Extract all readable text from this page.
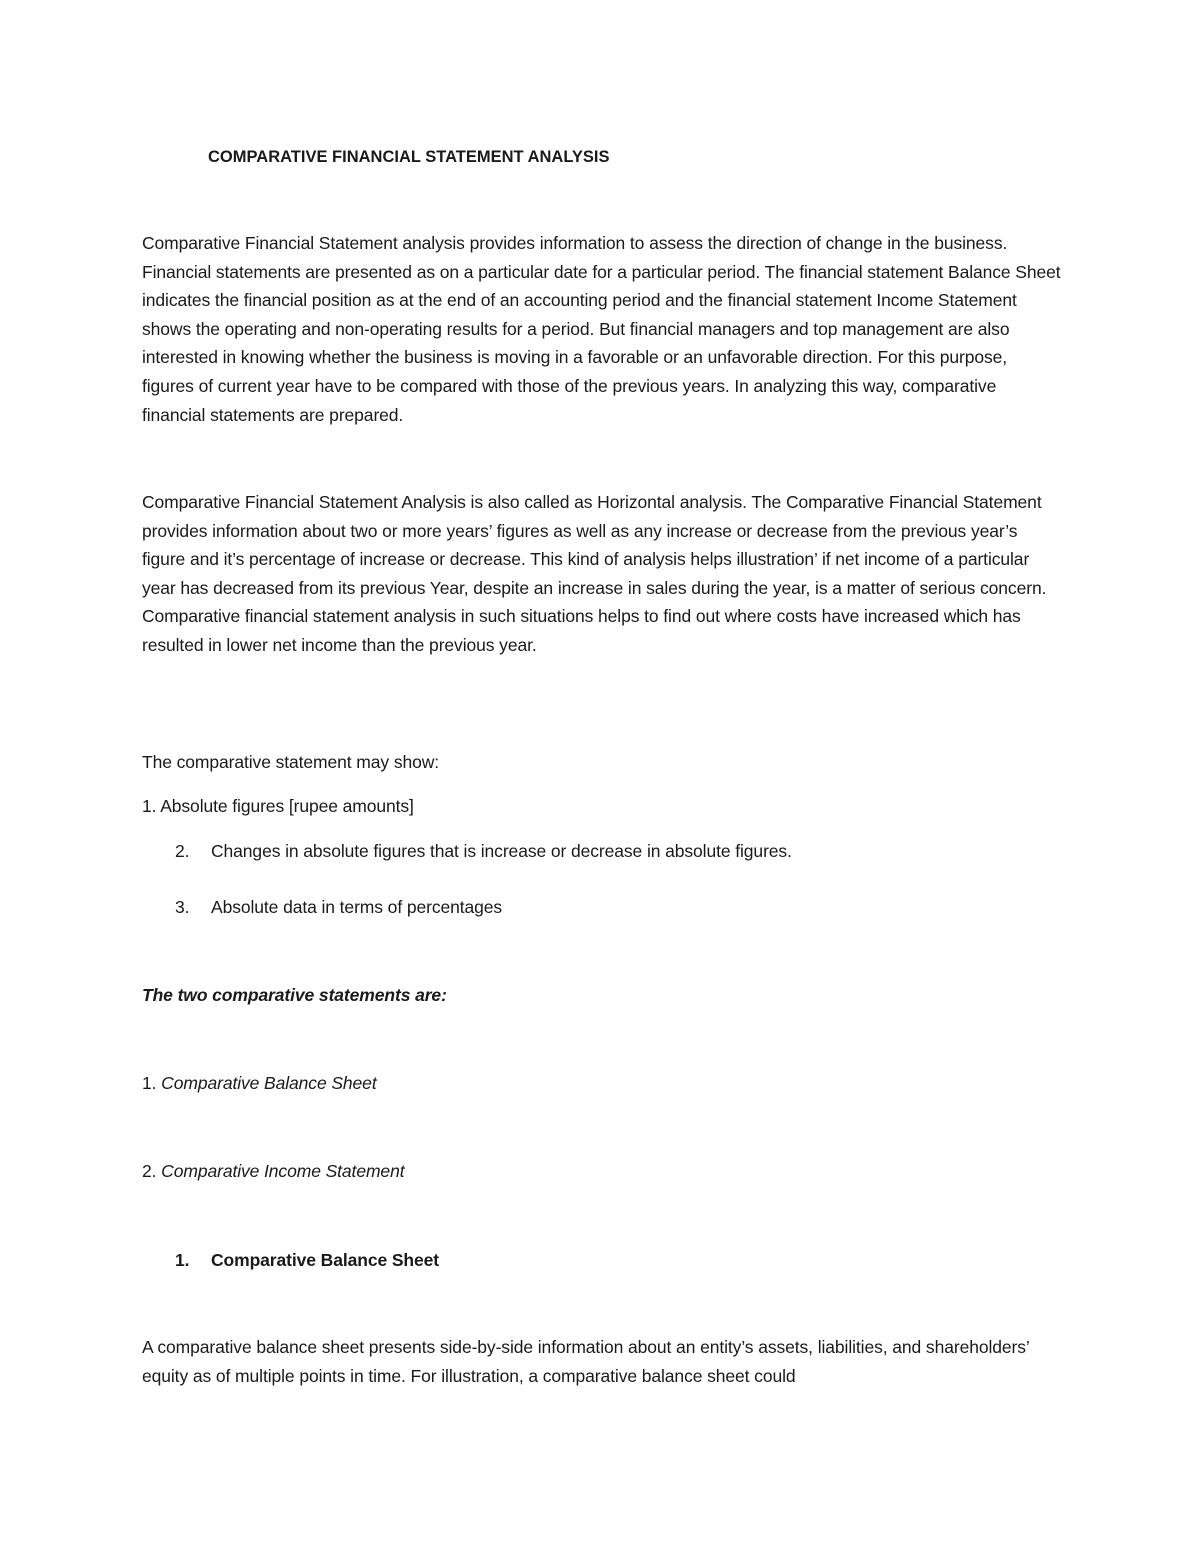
COMPARATIVE FINANCIAL STATEMENT ANALYSIS

Comparative Financial Statement analysis provides information to assess the direction of change in the business. Financial statements are presented as on a particular date for a particular period. The financial statement Balance Sheet indicates the financial position as at the end of an accounting period and the financial statement Income Statement shows the operating and non-operating results for a period. But financial managers and top management are also interested in knowing whether the business is moving in a favorable or an unfavorable direction. For this purpose, figures of current year have to be compared with those of the previous years. In analyzing this way, comparative financial statements are prepared.

Comparative Financial Statement Analysis is also called as Horizontal analysis. The Comparative Financial Statement provides information about two or more years’ figures as well as any increase or decrease from the previous year’s figure and it’s percentage of increase or decrease. This kind of analysis helps illustration’ if net income of a particular year has decreased from its previous Year, despite an increase in sales during the year, is a matter of serious concern. Comparative financial statement analysis in such situations helps to find out where costs have increased which has resulted in lower net income than the previous year.

The comparative statement may show:

1. Absolute figures [rupee amounts]

2. Changes in absolute figures that is increase or decrease in absolute figures.

3. Absolute data in terms of percentages

The two comparative statements are:

1. Comparative Balance Sheet

2. Comparative Income Statement

1. Comparative Balance Sheet

A comparative balance sheet presents side-by-side information about an entity’s assets, liabilities, and shareholders’ equity as of multiple points in time. For illustration, a comparative balance sheet could
